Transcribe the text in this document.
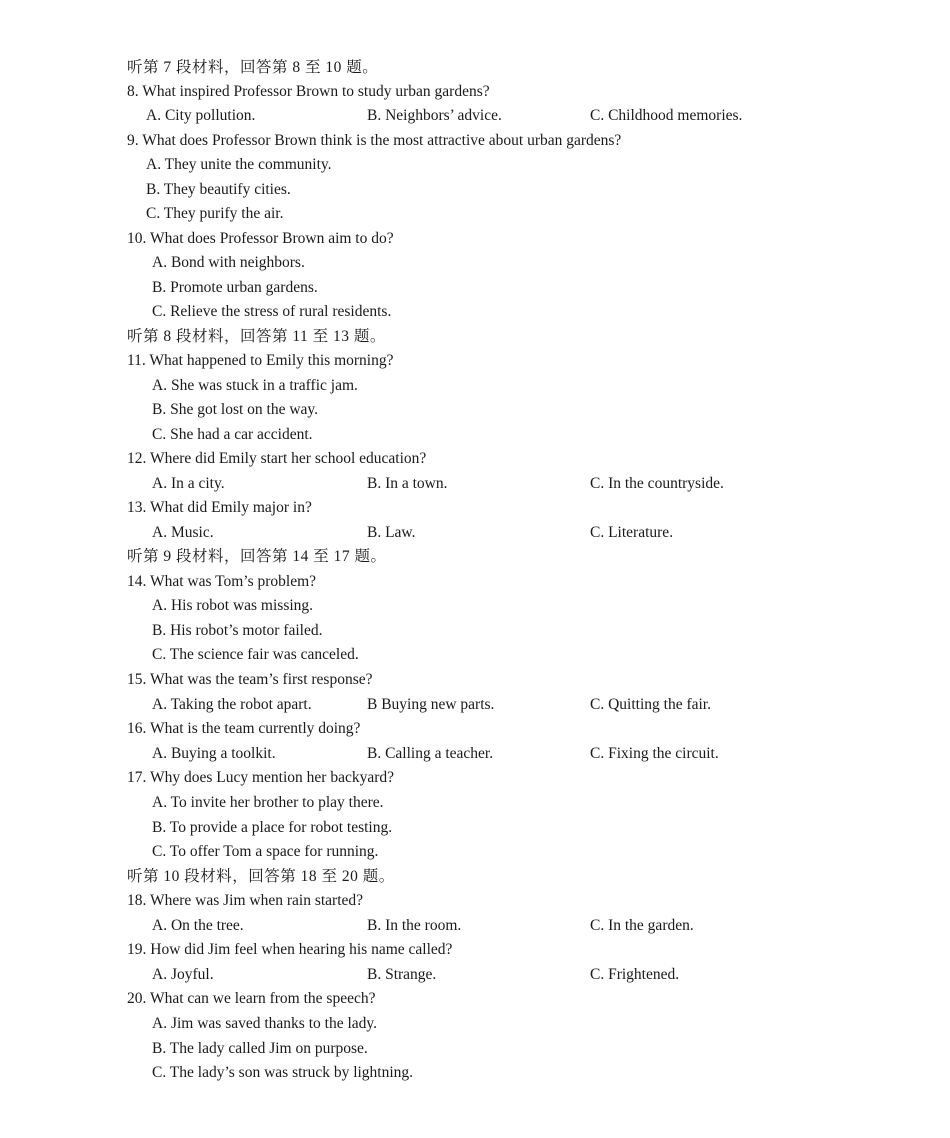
听第 7 段材料，回答第 8 至 10 题。
8. What inspired Professor Brown to study urban gardens?
A. City pollution.	B. Neighbors’ advice.	C. Childhood memories.
9. What does Professor Brown think is the most attractive about urban gardens?
A. They unite the community.
B. They beautify cities.
C. They purify the air.
10. What does Professor Brown aim to do?
A. Bond with neighbors.
B. Promote urban gardens.
C. Relieve the stress of rural residents.
听第 8 段材料，回答第 11 至 13 题。
11. What happened to Emily this morning?
A. She was stuck in a traffic jam.
B. She got lost on the way.
C. She had a car accident.
12. Where did Emily start her school education?
A. In a city.	B. In a town.	C. In the countryside.
13. What did Emily major in?
A. Music.	B. Law.	C. Literature.
听第 9 段材料，回答第 14 至 17 题。
14. What was Tom’s problem?
A. His robot was missing.
B. His robot’s motor failed.
C. The science fair was canceled.
15. What was the team’s first response?
A. Taking the robot apart.	B Buying new parts.	C. Quitting the fair.
16. What is the team currently doing?
A. Buying a toolkit.	B. Calling a teacher.	C. Fixing the circuit.
17. Why does Lucy mention her backyard?
A. To invite her brother to play there.
B. To provide a place for robot testing.
C. To offer Tom a space for running.
听第 10 段材料，回答第 18 至 20 题。
18. Where was Jim when rain started?
A. On the tree.	B. In the room.	C. In the garden.
19. How did Jim feel when hearing his name called?
A. Joyful.	B. Strange.	C. Frightened.
20. What can we learn from the speech?
A. Jim was saved thanks to the lady.
B. The lady called Jim on purpose.
C. The lady’s son was struck by lightning.
